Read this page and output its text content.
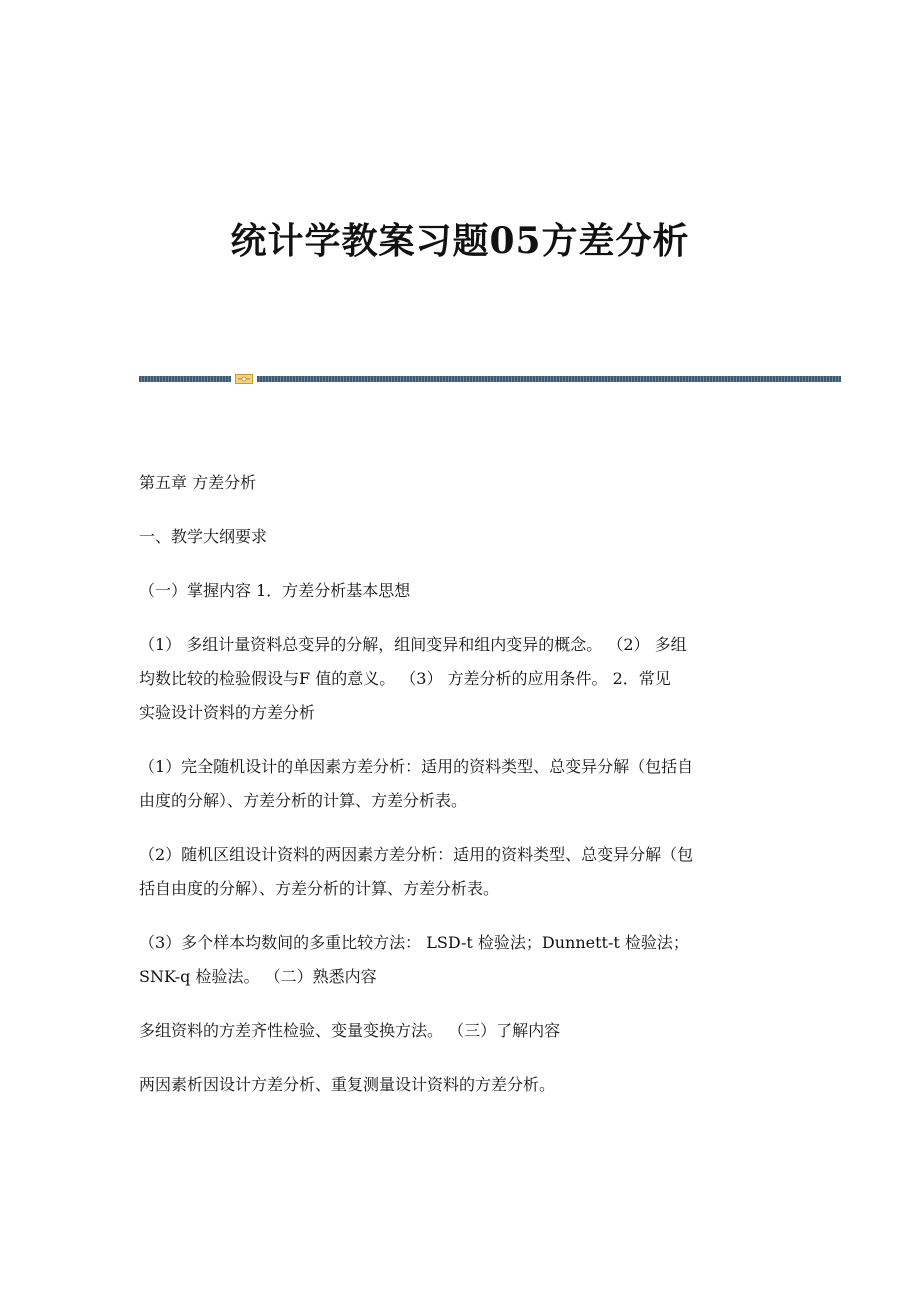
统计学教案习题05方差分析

第五章 方差分析

一、教学大纲要求

（一）掌握内容 1．方差分析基本思想

（1） 多组计量资料总变异的分解，组间变异和组内变异的概念。 （2） 多组
均数比较的检验假设与F 值的意义。 （3） 方差分析的应用条件。 2．常见
实验设计资料的方差分析

（1）完全随机设计的单因素方差分析：适用的资料类型、总变异分解（包括自
由度的分解）、方差分析的计算、方差分析表。

（2）随机区组设计资料的两因素方差分析：适用的资料类型、总变异分解（包
括自由度的分解）、方差分析的计算、方差分析表。

（3）多个样本均数间的多重比较方法： LSD-t 检验法；Dunnett-t 检验法；
SNK-q 检验法。 （二）熟悉内容

多组资料的方差齐性检验、变量变换方法。 （三）了解内容

两因素析因设计方差分析、重复测量设计资料的方差分析。
